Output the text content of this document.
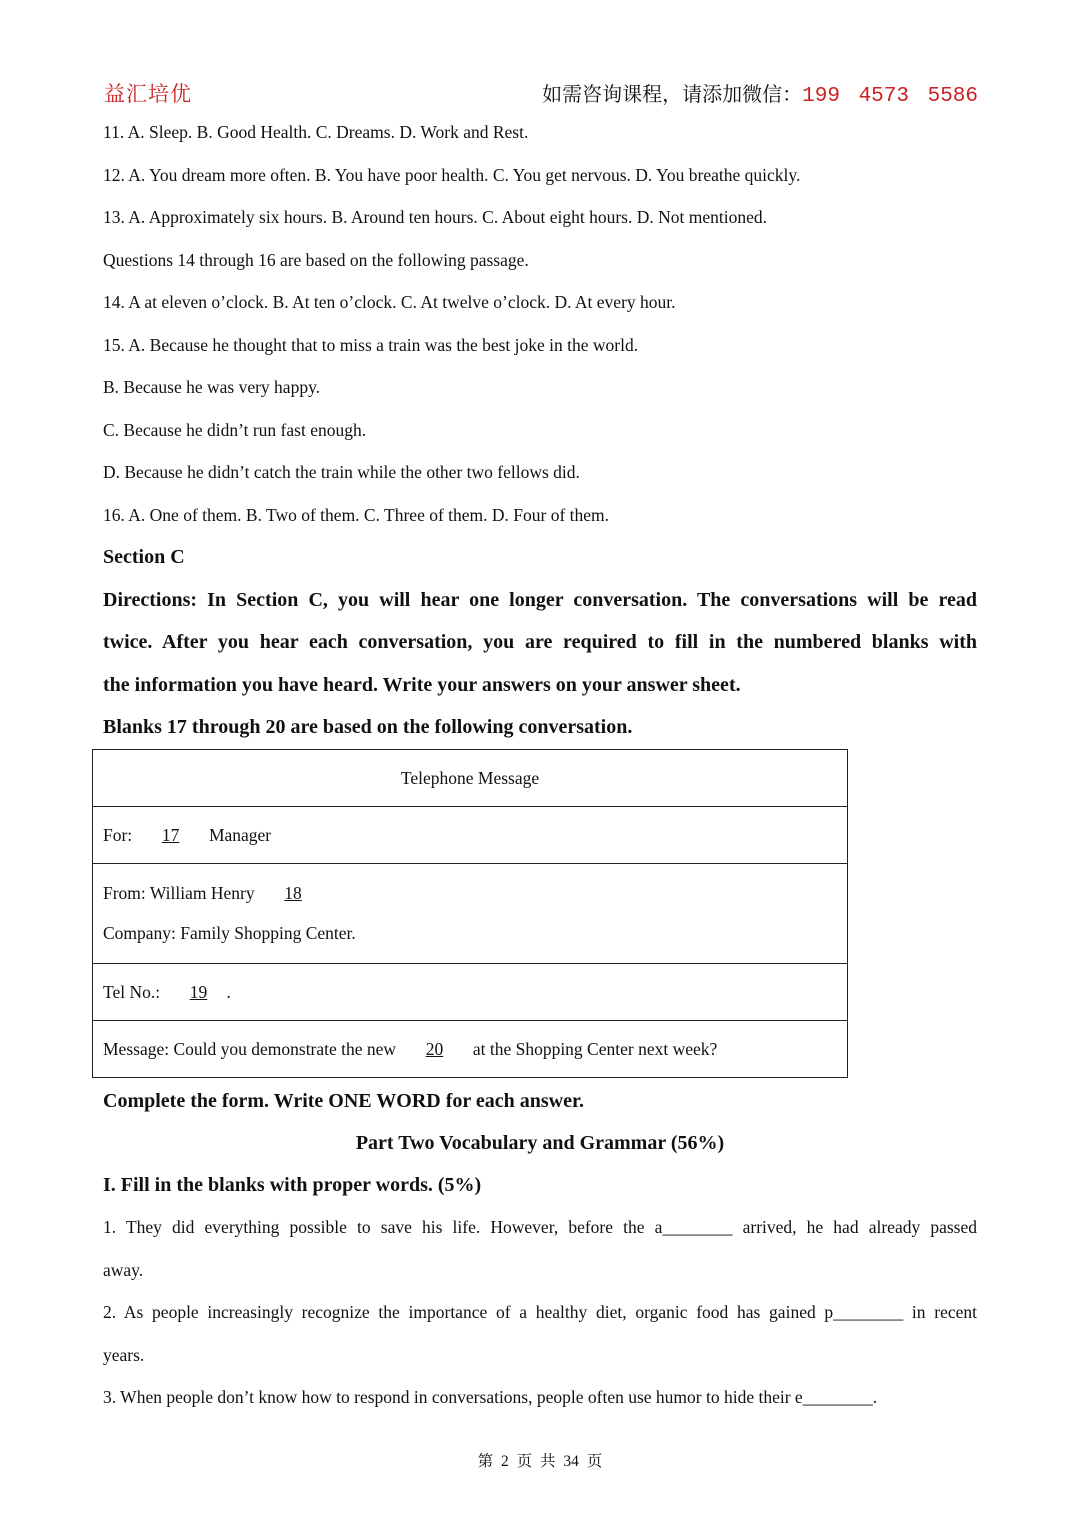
益汇培优	如需咨询课程，请添加微信：199 4573 5586
11. A. Sleep. B. Good Health. C. Dreams. D. Work and Rest.
12. A. You dream more often. B. You have poor health. C. You get nervous. D. You breathe quickly.
13. A. Approximately six hours. B. Around ten hours. C. About eight hours. D. Not mentioned.
Questions 14 through 16 are based on the following passage.
14. A at eleven o’clock. B. At ten o’clock. C. At twelve o’clock. D. At every hour.
15. A. Because he thought that to miss a train was the best joke in the world.
B. Because he was very happy.
C. Because he didn’t run fast enough.
D. Because he didn’t catch the train while the other two fellows did.
16. A. One of them. B. Two of them. C. Three of them. D. Four of them.
Section C
Directions: In Section C, you will hear one longer conversation. The conversations will be read
twice. After you hear each conversation, you are required to fill in the numbered blanks with
the information you have heard. Write your answers on your answer sheet.
Blanks 17 through 20 are based on the following conversation.
Telephone Message
For: 17 Manager

From: William Henry 18
Company: Family Shopping Center.

Tel No.: 19 .
Message: Could you demonstrate the new 20 at the Shopping Center next week?
Complete the form. Write ONE WORD for each answer.
Part Two Vocabulary and Grammar (56%)
I. Fill in the blanks with proper words. (5%)
1. They did everything possible to save his life. However, before the a________ arrived, he had already passed
away.
2. As people increasingly recognize the importance of a healthy diet, organic food has gained p________ in recent
years.
3. When people don’t know how to respond in conversations, people often use humor to hide their e________.
第 2 页 共 34 页
